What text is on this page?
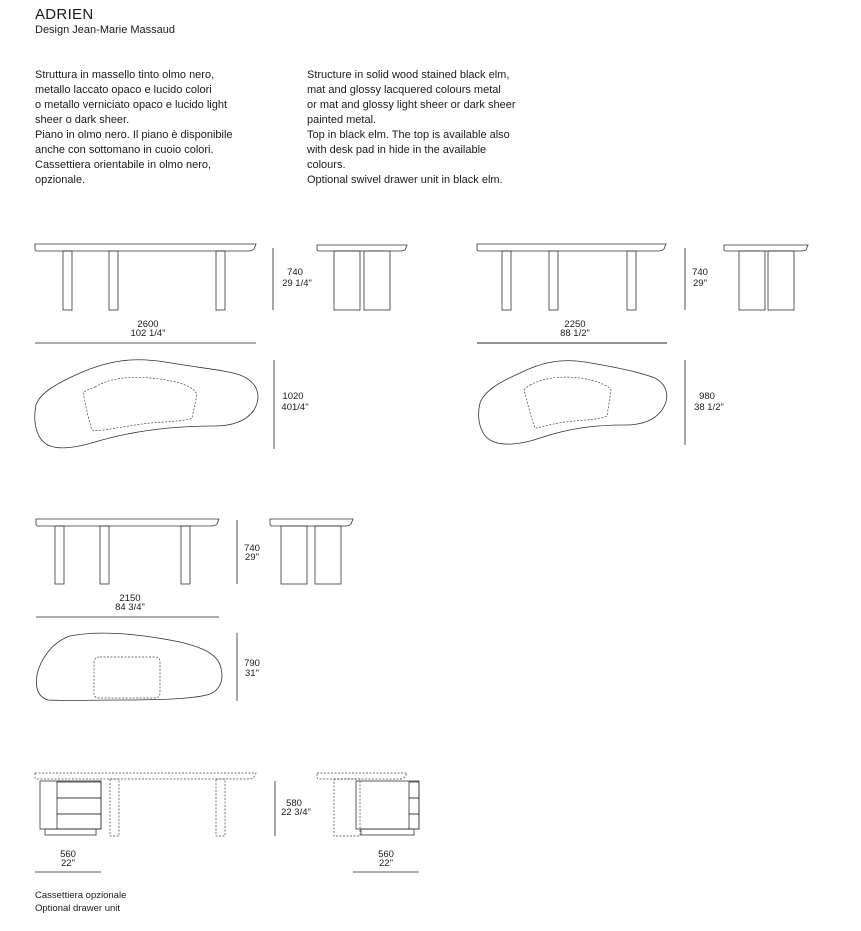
ADRIEN
Design Jean-Marie Massaud
Struttura in massello tinto olmo nero,
metallo laccato opaco e lucido colori
o metallo verniciato opaco e lucido light
sheer o dark sheer.
Piano in olmo nero. Il piano è disponibile
anche con sottomano in cuoio colori.
Cassettiera orientabile in olmo nero,
opzionale.
Structure in solid wood stained black elm,
mat and glossy lacquered colours metal
or mat and glossy light sheer or dark sheer
painted metal.
Top in black elm. The top is available also
with desk pad in hide in the available
colours.
Optional swivel drawer unit in black elm.
740
29 1/4"
2600
102 1/4"
1020
401/4"
740
29"
2250
88 1/2"
980
38 1/2"
740
29"
2150
84 3/4"
790
31"
580
22 3/4"
560
22"
560
22"
Cassettiera opzionale
Optional drawer unit
